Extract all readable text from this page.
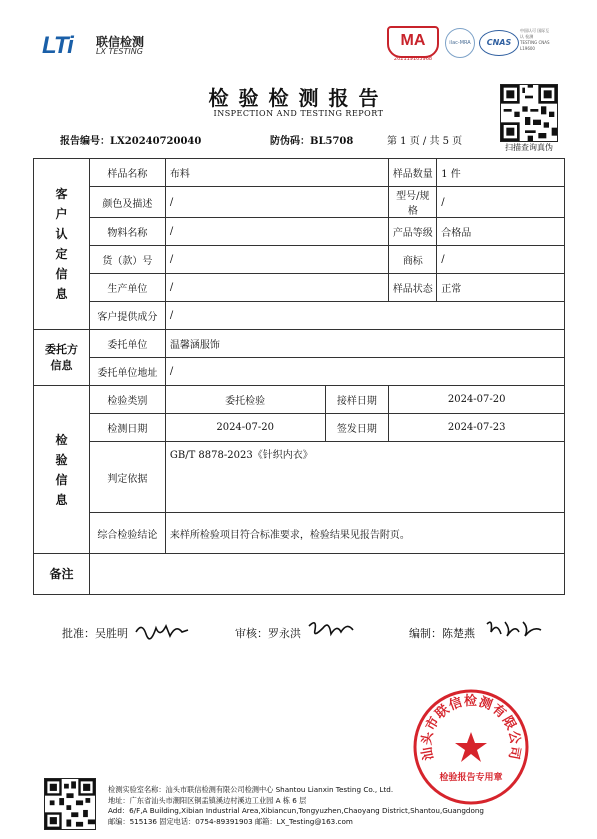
LTi 联信检测
LX TESTING
MA
202119105968
ilac-MRA	CNAS
中国认可 国际互认 检测 TESTING CNAS L19600
扫描查询真伪
检验检测报告
INSPECTION AND TESTING REPORT
报告编号：LX20240720040	防伪码：BL5708	第 1 页 / 共 5 页
客户认定信息	样品名称	布料		样品数量	1 件
	颜色及描述	/		型号/规格	/
	物料名称	/		产品等级	合格品
	货（款）号	/		商标	/
	生产单位	/		样品状态	正常
	客户提供成分	/			

委托方信息	委托单位	温馨涵服饰			
	委托单位地址	/			

检验信息	检验类别	委托检验	接样日期	2024-07-20	
	检测日期	2024-07-20	签发日期	2024-07-23	
	判定依据	GB/T 8878-2023《针织内衣》			
	综合检验结论	来样所检验项目符合标准要求，检验结果见报告附页。			
备注					
批准：吴胜明	审核：罗永洪	编制：陈楚燕
汕头市联信检测有限公司
检验报告专用章
检测实验室名称：汕头市联信检测有限公司检测中心 Shantou Lianxin Testing Co., Ltd.
地址：广东省汕头市潮阳区铜盂镇溪边村溪边工业园 A 栋 6 层
Add：6/F,A Building,Xibian Industrial Area,Xibiancun,Tongyuzhen,Chaoyang District,Shantou,Guangdong
邮编：515136 固定电话：0754-89391903 邮箱：LX_Testing@163.com
